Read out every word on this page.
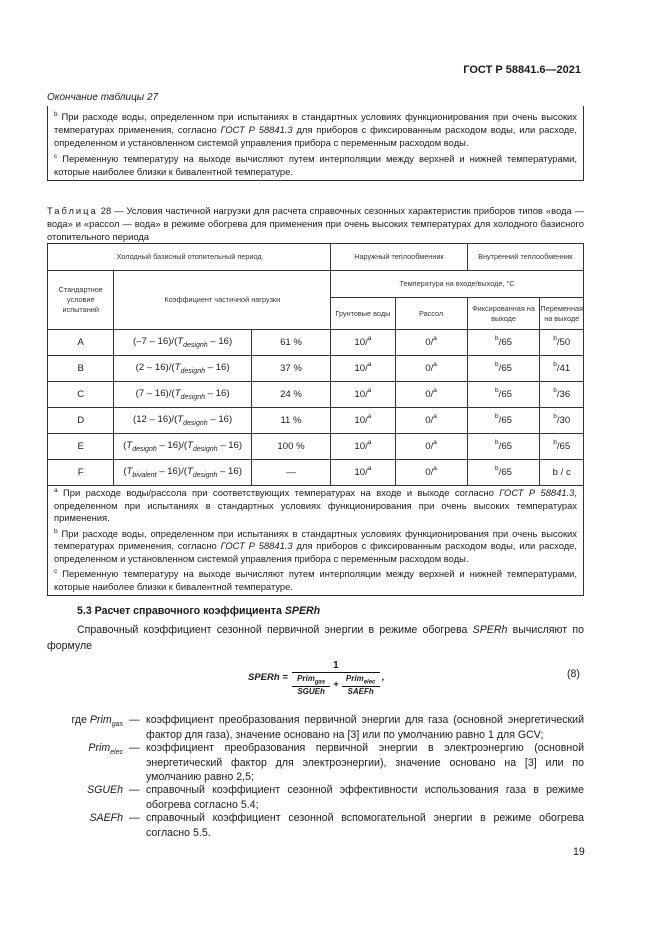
ГОСТ Р 58841.6—2021
Окончание таблицы 27

$^b$ При расходе воды, определенном при испытаниях в стандартных условиях функционирования при очень высоких температурах применения, согласно ГОСТ Р 58841.3 для приборов с фиксированным расходом воды, или расходе, определенном и установленном системой управления прибора с переменным расходом воды.

$^c$ Переменную температуру на выходе вычисляют путем интерполяции между верхней и нижней температурами, которые наиболее близки к бивалентной температуре.

Таблица 28 — Условия частичной нагрузки для расчета справочных сезонных характеристик приборов типов «вода — вода» и «рассол — вода» в режиме обогрева для применения при очень высоких температурах для холодного базисного отопительного периода
Холодный базисный отопительный период			Наружный теплообменник		Внутренний теплообменник	
Стандартное условие испытаний	Коэффициент частичной нагрузки		Температура на входе/выходе, °С			
			Грунтовые воды	Рассол	Фиксированная на выходе	Переменная на выходе
A	$(-7 - 16)/(T_{designh} - 16)$	61 %	10/$^a$	0/$^a$	$^b$/65	$^b$/50
B	$(2 - 16)/(T_{designh} - 16)$	37 %	10/$^a$	0/$^a$	$^b$/65	$^b$/41
C	$(7 - 16)/(T_{designh} - 16)$	24 %	10/$^a$	0/$^a$	$^b$/65	$^b$/36
D	$(12 - 16)/(T_{designh} - 16)$	11 %	10/$^a$	0/$^a$	$^b$/65	$^b$/30
E	$(T_{designh} - 16)/(T_{designh} - 16)$	100 %	10/$^a$	0/$^a$	$^b$/65	$^b$/65
F	$(T_{bivalent} - 16)/(T_{designh} - 16)$	—	10/$^a$	0/$^a$	$^b$/65	b / c

$^a$ При расходе воды/рассола при соответствующих температурах на входе и выходе согласно ГОСТ Р 58841.3, определенном при испытаниях в стандартных условиях функционирования при очень высоких температурах применения.

$^b$ При расходе воды, определенном при испытаниях в стандартных условиях функционирования при очень высоких температурах применения, согласно ГОСТ Р 58841.3 для приборов с фиксированным расходом воды, или расходе, определенном и установленном системой управления прибора с переменным расходом воды.

$^c$ Переменную температуру на выходе вычисляют путем интерполяции между верхней и нижней температурами, которые наиболее близки к бивалентной температуре.

5.3 Расчет справочного коэффициента SPERh
Справочный коэффициент сезонной первичной энергии в режиме обогрева SPERh вычисляют по формуле
SPERh =
1
Prim$_{gas}$
SGUEh
+
Prim$_{elec}$
SAEFh
,	(8)
где Prim$_{gas}$ — коэффициент преобразования первичной энергии для газа (основной энергетический фактор для газа), значение основано на [3] или по умолчанию равно 1 для GCV;
Prim$_{elec}$ — коэффициент преобразования первичной энергии в электроэнергию (основной энергетический фактор для электроэнергии), значение основано на [3] или по умолчанию равно 2,5;
SGUEh — справочный коэффициент сезонной эффективности использования газа в режиме обогрева согласно 5.4;
SAEFh — справочный коэффициент сезонной вспомогательной энергии в режиме обогрева согласно 5.5.
19
